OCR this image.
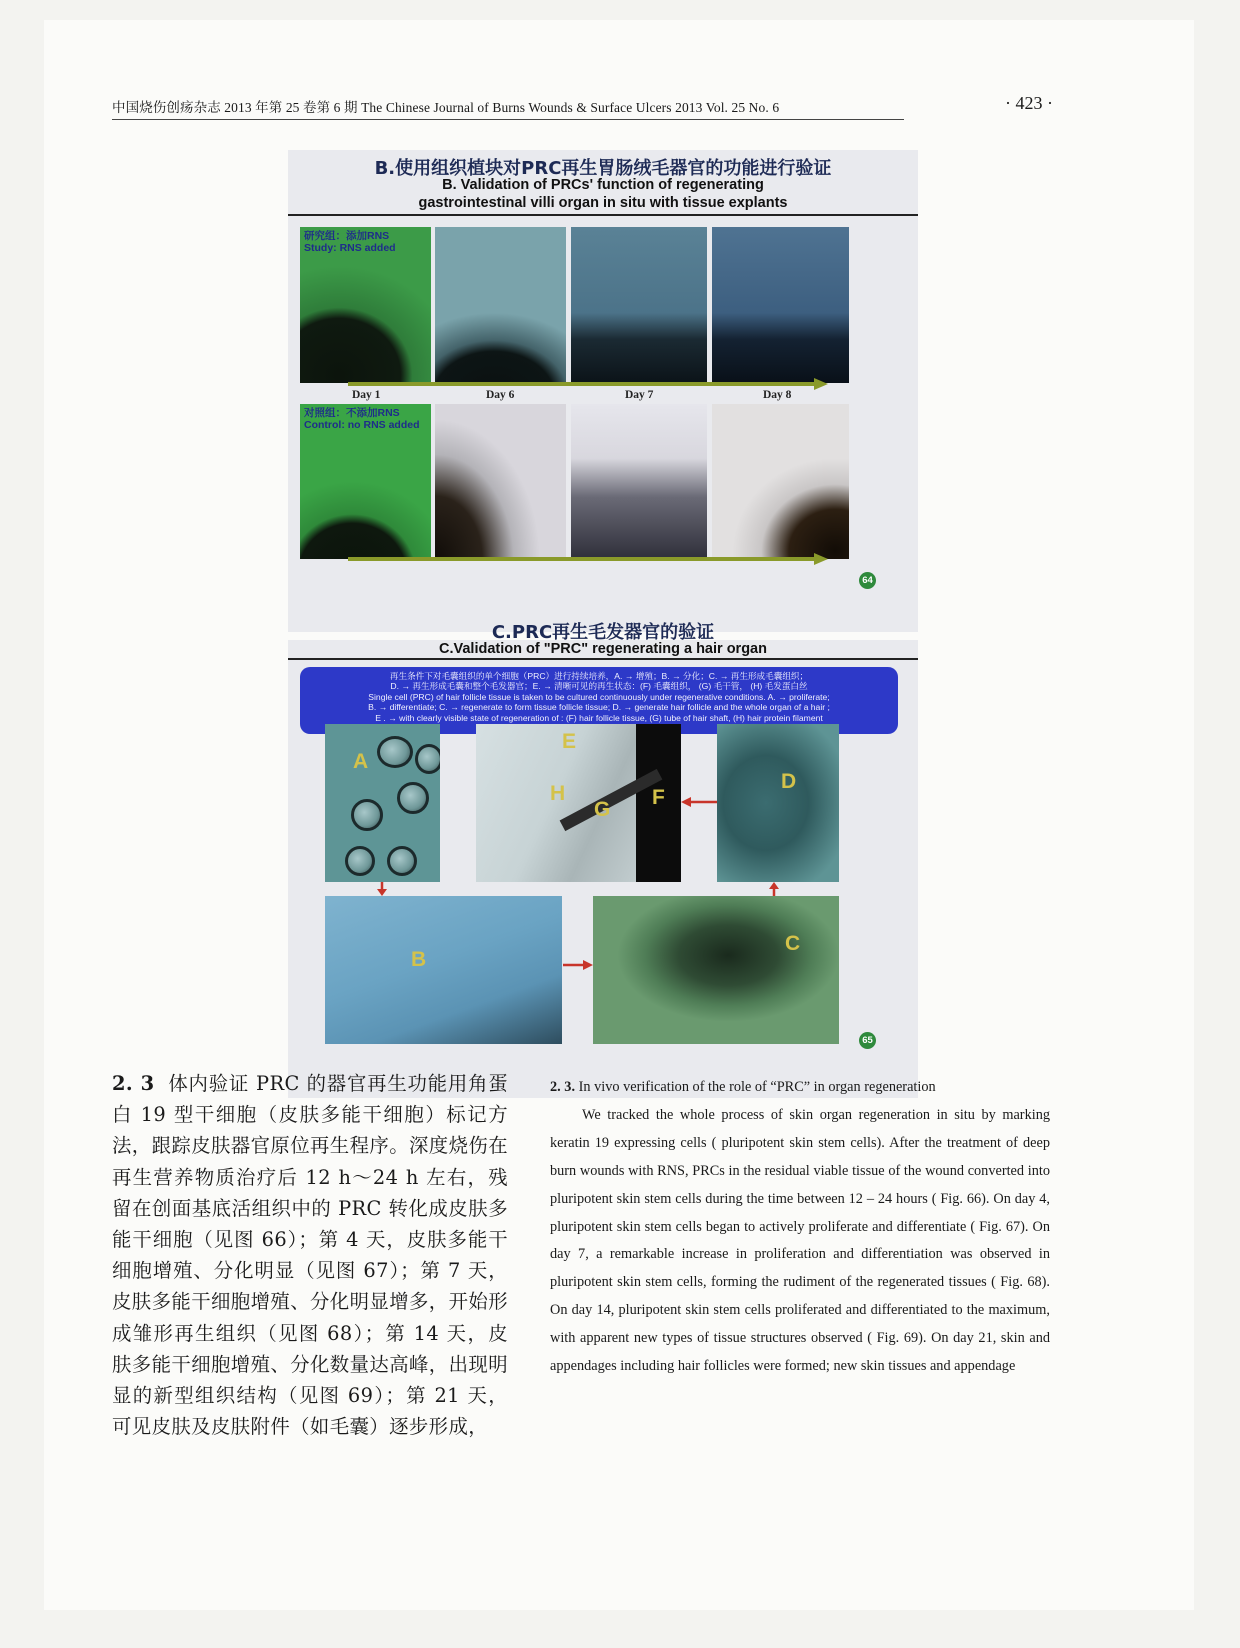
中国烧伤创疡杂志 2013 年第 25 卷第 6 期 The Chinese Journal of Burns Wounds & Surface Ulcers 2013 Vol. 25 No. 6	· 423 ·
B.使用组织植块对PRC再生胃肠绒毛器官的功能进行验证
B. Validation of PRCs' function of regenerating
gastrointestinal villi organ in situ with tissue explants
研究组：添加RNS
Study: RNS added
Day 1	Day 6	Day 7	Day 8
对照组：不添加RNS
Control: no RNS added
64
C.PRC再生毛发器官的验证
C.Validation of "PRC" regenerating a hair organ
再生条件下对毛囊组织的单个细胞（PRC）进行持续培养，A. → 增殖；B. → 分化；C. → 再生形成毛囊组织；
D. → 再生形成毛囊和整个毛发器官；E. → 清晰可见的再生状态：(F) 毛囊组织， (G) 毛干管， (H) 毛发蛋白丝
Single cell (PRC) of hair follicle tissue is taken to be cultured continuously under regenerative conditions. A. → proliferate;
B. → differentiate; C. → regenerate to form tissue follicle tissue; D. → generate hair follicle and the whole organ of a hair ;
E . → with clearly visible state of regeneration of : (F) hair follicle tissue, (G) tube of hair shaft, (H) hair protein filament
A
E
H
G
F
D
B
C
65
2. 3 体内验证 PRC 的器官再生功能用角蛋白 19 型干细胞（皮肤多能干细胞）标记方法，跟踪皮肤器官原位再生程序。深度烧伤在再生营养物质治疗后 12 h～24 h 左右，残留在创面基底活组织中的 PRC 转化成皮肤多能干细胞（见图 66）；第 4 天，皮肤多能干细胞增殖、分化明显（见图 67）；第 7 天，皮肤多能干细胞增殖、分化明显增多，开始形成雏形再生组织（见图 68）；第 14 天，皮肤多能干细胞增殖、分化数量达高峰，出现明显的新型组织结构（见图 69）；第 21 天，可见皮肤及皮肤附件（如毛囊）逐步形成，
2. 3. In vivo verification of the role of “PRC” in organ regeneration
We tracked the whole process of skin organ regeneration in situ by marking keratin 19 expressing cells ( pluripotent skin stem cells). After the treatment of deep burn wounds with RNS, PRCs in the residual viable tissue of the wound converted into pluripotent skin stem cells during the time between 12 – 24 hours ( Fig. 66). On day 4, pluripotent skin stem cells began to actively proliferate and differentiate ( Fig. 67). On day 7, a remarkable increase in proliferation and differentiation was observed in pluripotent skin stem cells, forming the rudiment of the regenerated tissues ( Fig. 68). On day 14, pluripotent skin stem cells proliferated and differentiated to the maximum, with apparent new types of tissue structures observed ( Fig. 69). On day 21, skin and appendages including hair follicles were formed; new skin tissues and appendage
